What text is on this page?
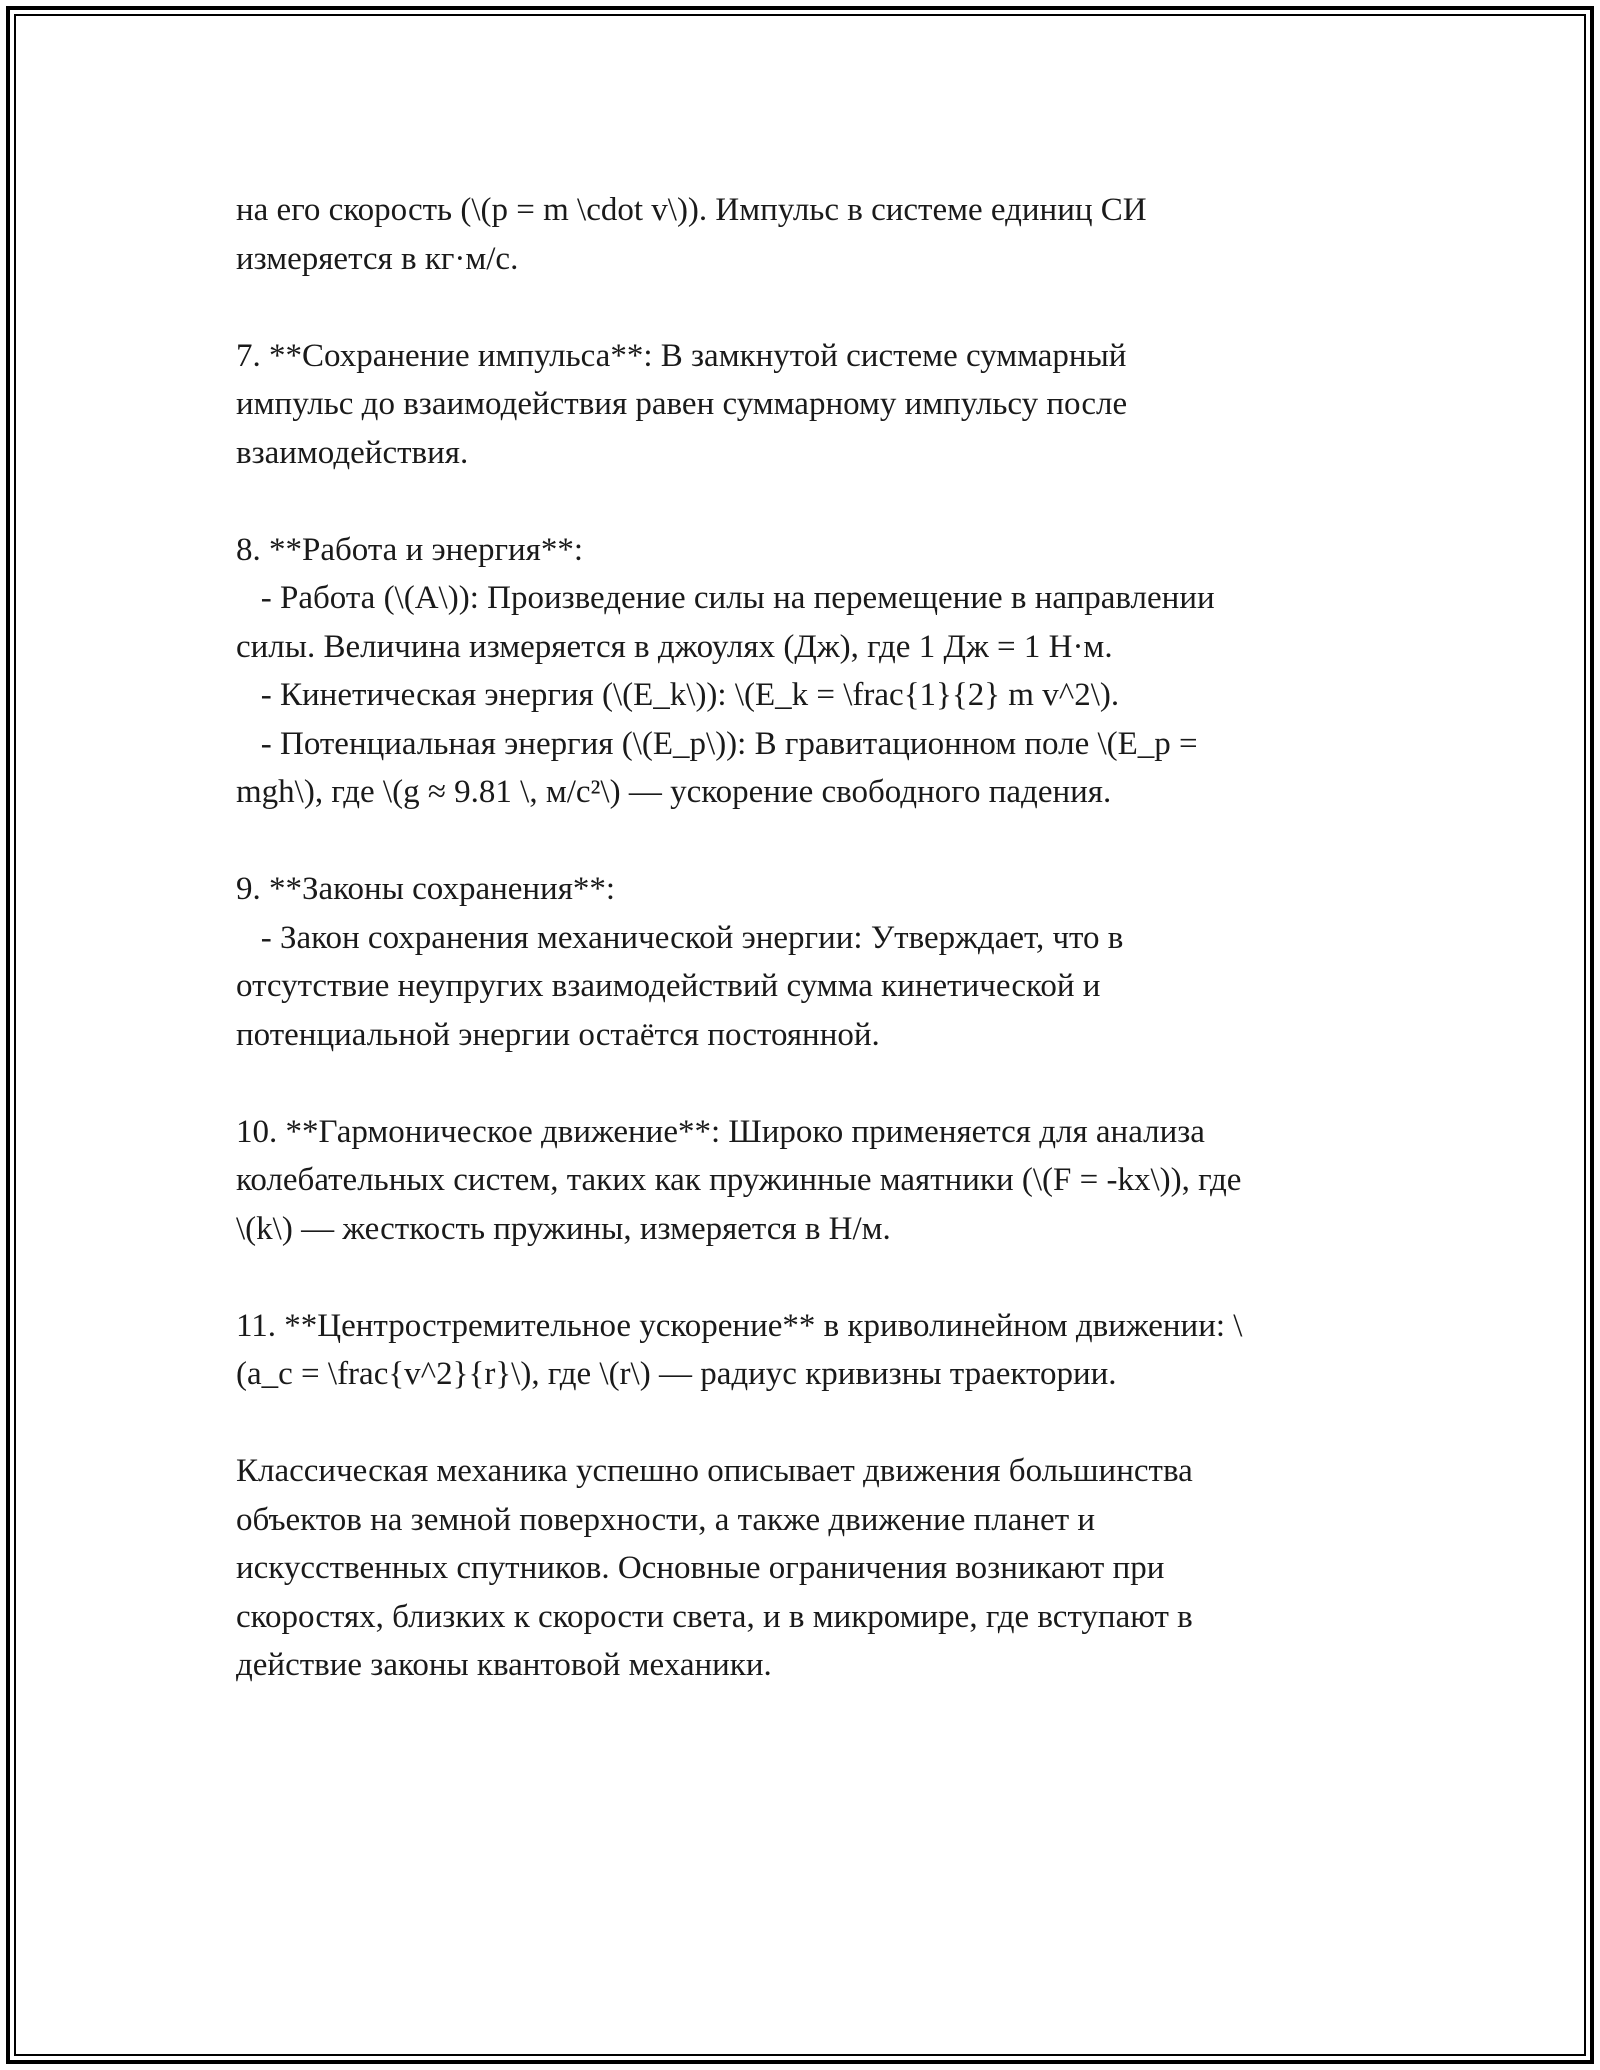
на его скорость (\(p = m \cdot v\)). Импульс в системе единиц СИ
измеряется в кг·м/с.
7. **Сохранение импульса**: В замкнутой системе суммарный
импульс до взаимодействия равен суммарному импульсу после
взаимодействия.
8. **Работа и энергия**:
- Работа (\(A\)): Произведение силы на перемещение в направлении
силы. Величина измеряется в джоулях (Дж), где 1 Дж = 1 Н·м.
- Кинетическая энергия (\(E_k\)): \(E_k = \frac{1}{2} m v^2\).
- Потенциальная энергия (\(E_p\)): В гравитационном поле \(E_p =
mgh\), где \(g ≈ 9.81 \, м/с²\) — ускорение свободного падения.
9. **Законы сохранения**:
- Закон сохранения механической энергии: Утверждает, что в
отсутствие неупругих взаимодействий сумма кинетической и
потенциальной энергии остаётся постоянной.
10. **Гармоническое движение**: Широко применяется для анализа
колебательных систем, таких как пружинные маятники (\(F = -kx\)), где
\(k\) — жесткость пружины, измеряется в Н/м.
11. **Центростремительное ускорение** в криволинейном движении: \
(a_c = \frac{v^2}{r}\), где \(r\) — радиус кривизны траектории.
Классическая механика успешно описывает движения большинства
объектов на земной поверхности, а также движение планет и
искусственных спутников. Основные ограничения возникают при
скоростях, близких к скорости света, и в микромире, где вступают в
действие законы квантовой механики.
